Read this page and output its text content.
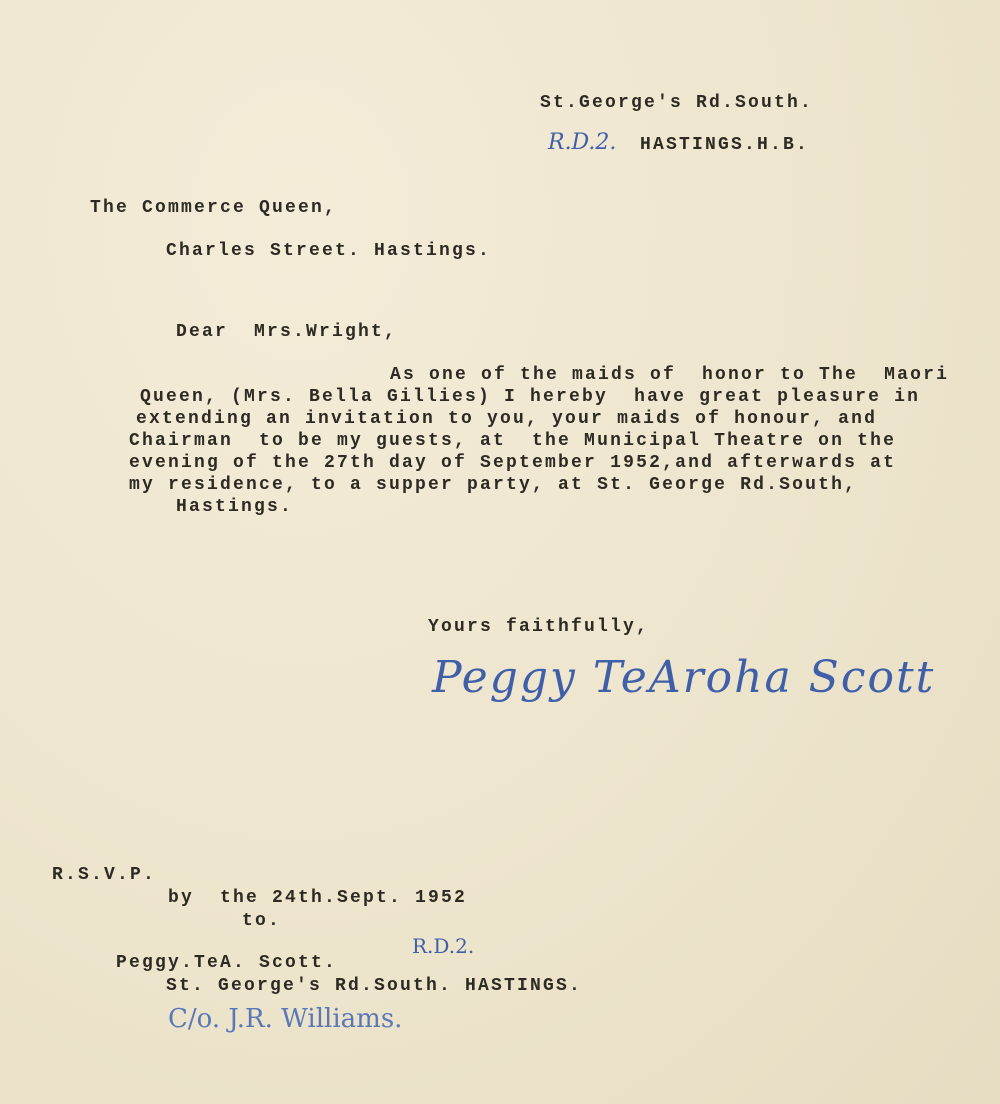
St.George's Rd.South.
R.D.2. HASTINGS.H.B.
The Commerce Queen,
Charles Street. Hastings.
Dear  Mrs.Wright,
As one of the maids of  honor to The  Maori
Queen, (Mrs. Bella Gillies) I hereby  have great pleasure in
extending an invitation to you, your maids of honour, and
Chairman  to be my guests, at  the Municipal Theatre on the
evening of the 27th day of September 1952,and afterwards at
my residence, to a supper party, at St. George Rd.South,
Hastings.
Yours faithfully,
Peggy TeAroha Scott
R.S.V.P.
by  the 24th.Sept. 1952
to.
Peggy.TeA. Scott.
R.D.2.
St. George's Rd.South. HASTINGS.
C/o. J.R. Williams.
